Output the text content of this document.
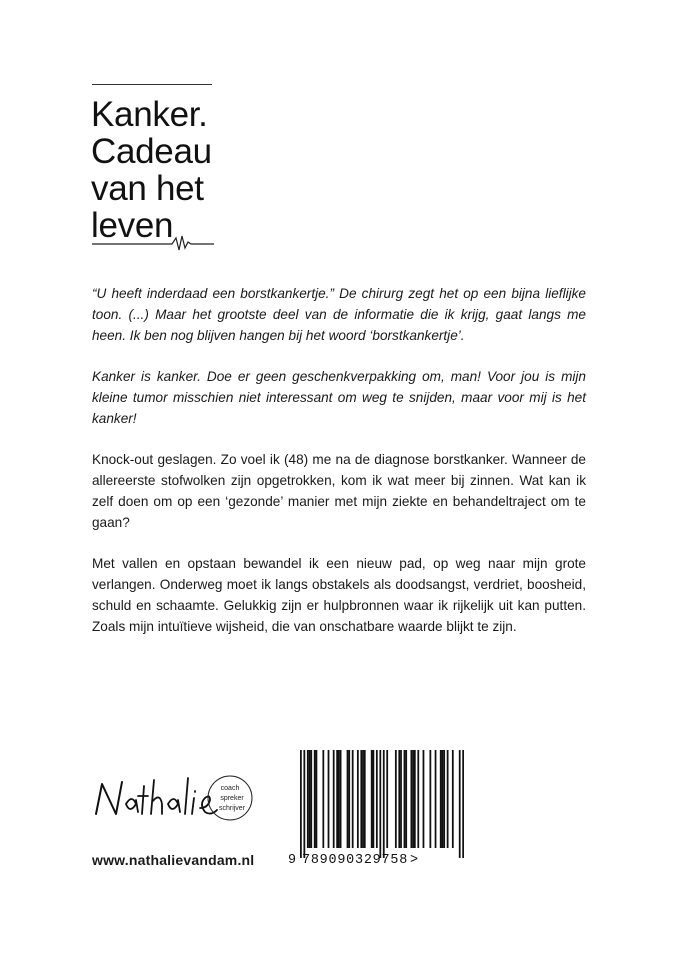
Kanker.
Cadeau
van het
leven

“U heeft inderdaad een borstkankertje.” De chirurg zegt het op een bijna lieflijke toon. (...) Maar het grootste deel van de informatie die ik krijg, gaat langs me heen. Ik ben nog blijven hangen bij het woord ‘borstkankertje’.

Kanker is kanker. Doe er geen geschenkverpakking om, man! Voor jou is mijn kleine tumor misschien niet interessant om weg te snijden, maar voor mij is het kanker!

Knock-out geslagen. Zo voel ik (48) me na de diagnose borstkanker. Wanneer de allereerste stofwolken zijn opgetrokken, kom ik wat meer bij zinnen. Wat kan ik zelf doen om op een ‘gezonde’ manier met mijn ziekte en behandeltraject om te gaan?

Met vallen en opstaan bewandel ik een nieuw pad, op weg naar mijn grote verlangen. Onderweg moet ik langs obstakels als doodsangst, verdriet, boosheid, schuld en schaamte. Gelukkig zijn er hulpbronnen waar ik rijkelijk uit kan putten. Zoals mijn intuïtieve wijsheid, die van onschatbare waarde blijkt te zijn.

coach
spreker
schrijver
www.nathalievandam.nl	9 789090329758 >
